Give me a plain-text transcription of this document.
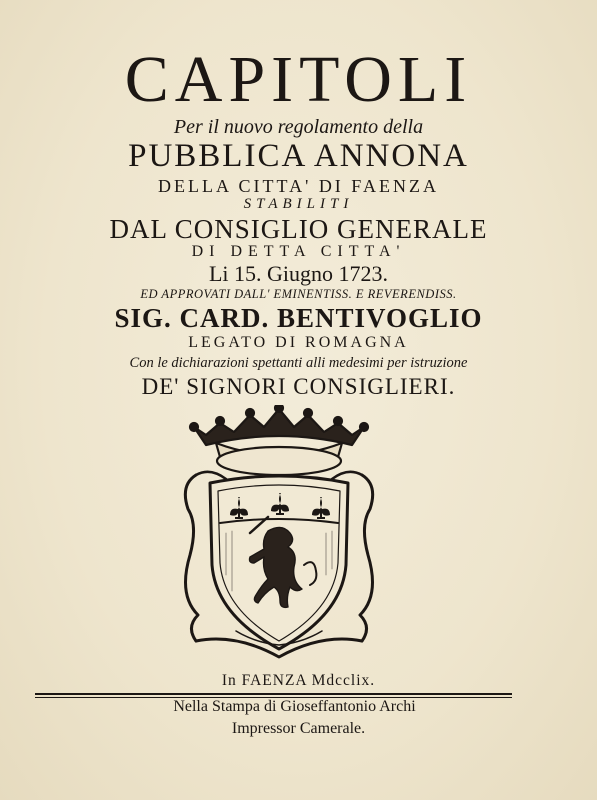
CAPITOLI
Per il nuovo regolamento della
PUBBLICA ANNONA
DELLA CITTA' DI FAENZA
STABILITI
DAL CONSIGLIO GENERALE
DI DETTA CITTA'
Li 15. Giugno 1723.
ED APPROVATI DALL' EMINENTISS. E REVERENDISS.
SIG. CARD. BENTIVOGLIO
LEGATO DI ROMAGNA
Con le dichiarazioni spettanti alli medesimi per istruzione
DE' SIGNORI CONSIGLIERI.
In FAENZA Mdcclix.
Nella Stampa di Gioseffantonio Archi
Impressor Camerale.
